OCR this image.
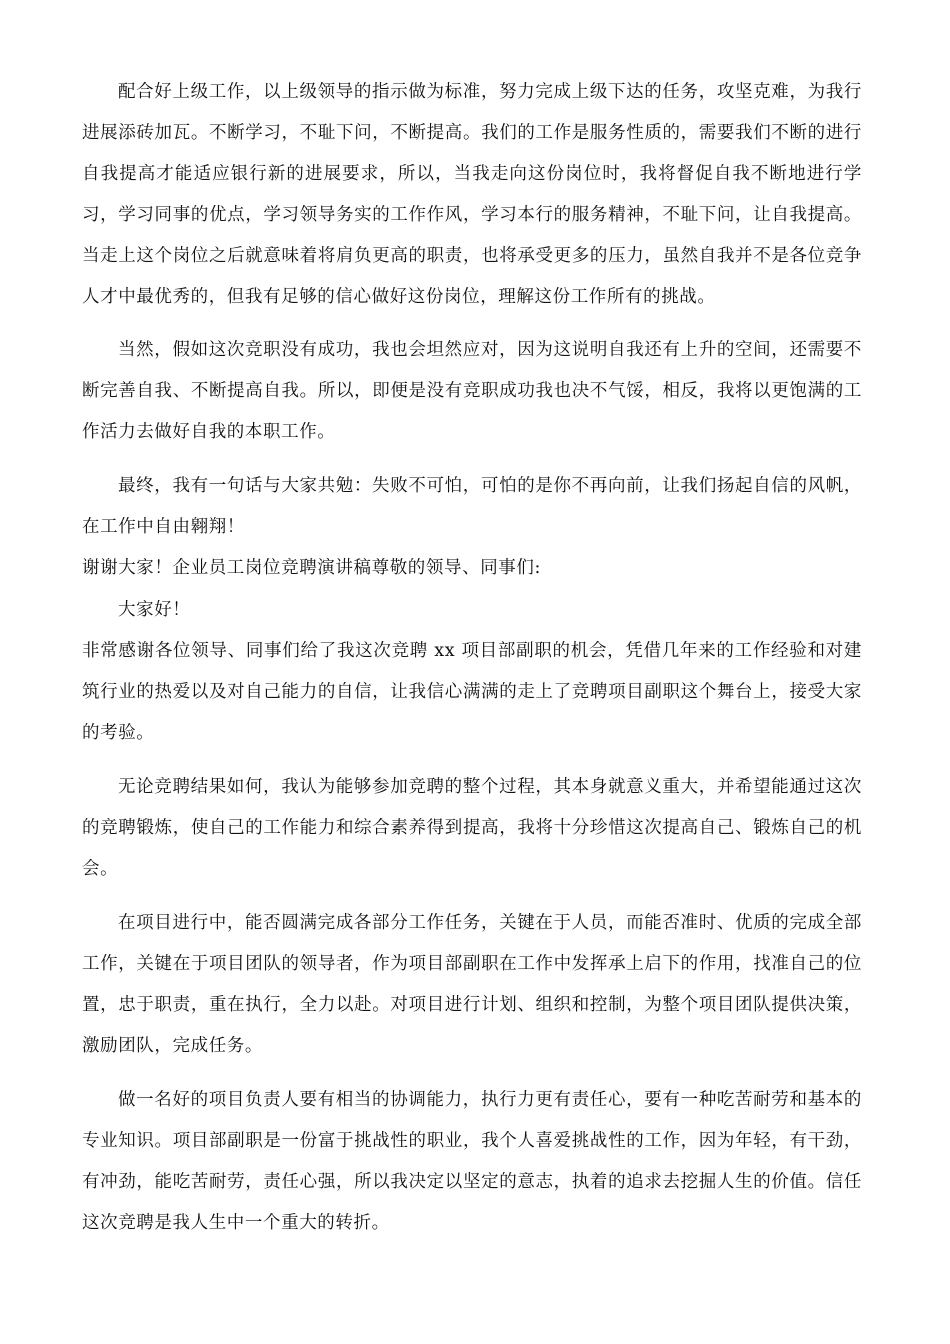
配合好上级工作，以上级领导的指示做为标准，努力完成上级下达的任务，攻坚克难，为我行进展添砖加瓦。不断学习，不耻下问，不断提高。我们的工作是服务性质的，需要我们不断的进行自我提高才能适应银行新的进展要求，所以，当我走向这份岗位时，我将督促自我不断地进行学习，学习同事的优点，学习领导务实的工作作风，学习本行的服务精神，不耻下问，让自我提高。当走上这个岗位之后就意味着将肩负更高的职责，也将承受更多的压力，虽然自我并不是各位竞争人才中最优秀的，但我有足够的信心做好这份岗位，理解这份工作所有的挑战。

当然，假如这次竞职没有成功，我也会坦然应对，因为这说明自我还有上升的空间，还需要不断完善自我、不断提高自我。所以，即便是没有竞职成功我也决不气馁，相反，我将以更饱满的工作活力去做好自我的本职工作。

最终，我有一句话与大家共勉：失败不可怕，可怕的是你不再向前，让我们扬起自信的风帆，在工作中自由翱翔！

谢谢大家！企业员工岗位竞聘演讲稿尊敬的领导、同事们:

大家好！

非常感谢各位领导、同事们给了我这次竞聘 xx 项目部副职的机会，凭借几年来的工作经验和对建筑行业的热爱以及对自己能力的自信，让我信心满满的走上了竞聘项目副职这个舞台上，接受大家的考验。

无论竞聘结果如何，我认为能够参加竞聘的整个过程，其本身就意义重大，并希望能通过这次的竞聘锻炼，使自己的工作能力和综合素养得到提高，我将十分珍惜这次提高自己、锻炼自己的机会。

在项目进行中，能否圆满完成各部分工作任务，关键在于人员，而能否准时、优质的完成全部工作，关键在于项目团队的领导者，作为项目部副职在工作中发挥承上启下的作用，找准自己的位置，忠于职责，重在执行，全力以赴。对项目进行计划、组织和控制，为整个项目团队提供决策，激励团队，完成任务。

做一名好的项目负责人要有相当的协调能力，执行力更有责任心，要有一种吃苦耐劳和基本的专业知识。项目部副职是一份富于挑战性的职业，我个人喜爱挑战性的工作，因为年轻，有干劲，有冲劲，能吃苦耐劳，责任心强，所以我决定以坚定的意志，执着的追求去挖掘人生的价值。信任这次竞聘是我人生中一个重大的转折。
